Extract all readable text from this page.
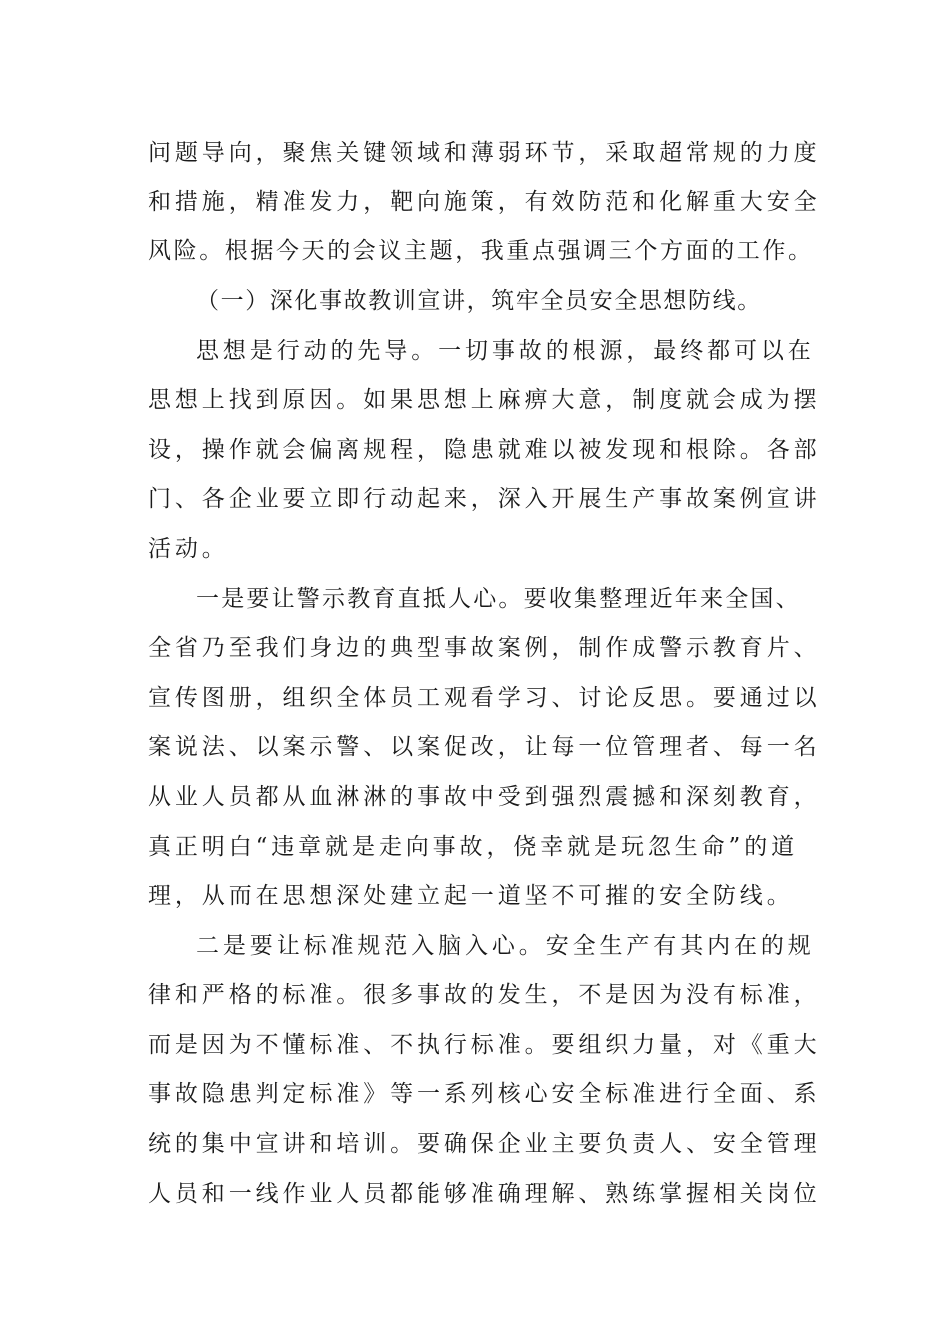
问题导向，聚焦关键领域和薄弱环节，采取超常规的力度
和措施，精准发力，靶向施策，有效防范和化解重大安全
风险。根据今天的会议主题，我重点强调三个方面的工作。
（一）深化事故教训宣讲，筑牢全员安全思想防线。
思想是行动的先导。一切事故的根源，最终都可以在
思想上找到原因。如果思想上麻痹大意，制度就会成为摆
设，操作就会偏离规程，隐患就难以被发现和根除。各部
门、各企业要立即行动起来，深入开展生产事故案例宣讲
活动。
一是要让警示教育直抵人心。要收集整理近年来全国、
全省乃至我们身边的典型事故案例，制作成警示教育片、
宣传图册，组织全体员工观看学习、讨论反思。要通过以
案说法、以案示警、以案促改，让每一位管理者、每一名
从业人员都从血淋淋的事故中受到强烈震撼和深刻教育，
真正明白“违章就是走向事故，侥幸就是玩忽生命”的道
理，从而在思想深处建立起一道坚不可摧的安全防线。
二是要让标准规范入脑入心。安全生产有其内在的规
律和严格的标准。很多事故的发生，不是因为没有标准，
而是因为不懂标准、不执行标准。要组织力量，对《重大
事故隐患判定标准》等一系列核心安全标准进行全面、系
统的集中宣讲和培训。要确保企业主要负责人、安全管理
人员和一线作业人员都能够准确理解、熟练掌握相关岗位
